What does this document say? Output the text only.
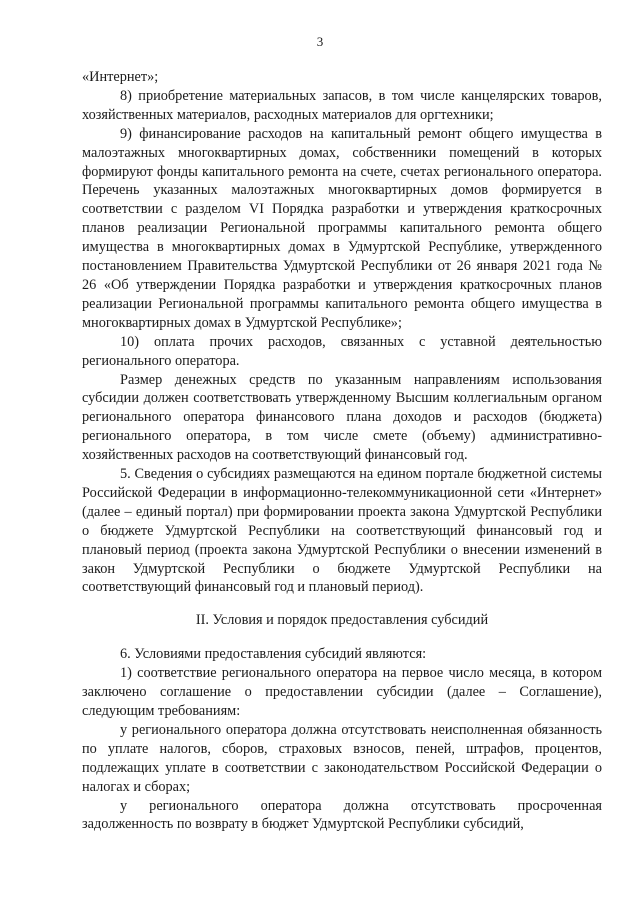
3

«Интернет»;

8) приобретение материальных запасов, в том числе канцелярских товаров, хозяйственных материалов, расходных материалов для оргтехники;

9) финансирование расходов на капитальный ремонт общего имущества в малоэтажных многоквартирных домах, собственники помещений в которых формируют фонды капитального ремонта на счете, счетах регионального оператора. Перечень указанных малоэтажных многоквартирных домов формируется в соответствии с разделом VI Порядка разработки и утверждения краткосрочных планов реализации Региональной программы капитального ремонта общего имущества в многоквартирных домах в Удмуртской Республике, утвержденного постановлением Правительства Удмуртской Республики от 26 января 2021 года № 26 «Об утверждении Порядка разработки и утверждения краткосрочных планов реализации Региональной программы капитального ремонта общего имущества в многоквартирных домах в Удмуртской Республике»;

10) оплата прочих расходов, связанных с уставной деятельностью регионального оператора.

Размер денежных средств по указанным направлениям использования субсидии должен соответствовать утвержденному Высшим коллегиальным органом регионального оператора финансового плана доходов и расходов (бюджета) регионального оператора, в том числе смете (объему) административно-хозяйственных расходов на соответствующий финансовый год.

5. Сведения о субсидиях размещаются на едином портале бюджетной системы Российской Федерации в информационно-телекоммуникационной сети «Интернет» (далее – единый портал) при формировании проекта закона Удмуртской Республики о бюджете Удмуртской Республики на соответствующий финансовый год и плановый период (проекта закона Удмуртской Республики о внесении изменений в закон Удмуртской Республики о бюджете Удмуртской Республики на соответствующий финансовый год и плановый период).

II. Условия и порядок предоставления субсидий

6. Условиями предоставления субсидий являются:

1) соответствие регионального оператора на первое число месяца, в котором заключено соглашение о предоставлении субсидии (далее – Соглашение), следующим требованиям:

у регионального оператора должна отсутствовать неисполненная обязанность по уплате налогов, сборов, страховых взносов, пеней, штрафов, процентов, подлежащих уплате в соответствии с законодательством Российской Федерации о налогах и сборах;

у регионального оператора должна отсутствовать просроченная задолженность по возврату в бюджет Удмуртской Республики субсидий,
